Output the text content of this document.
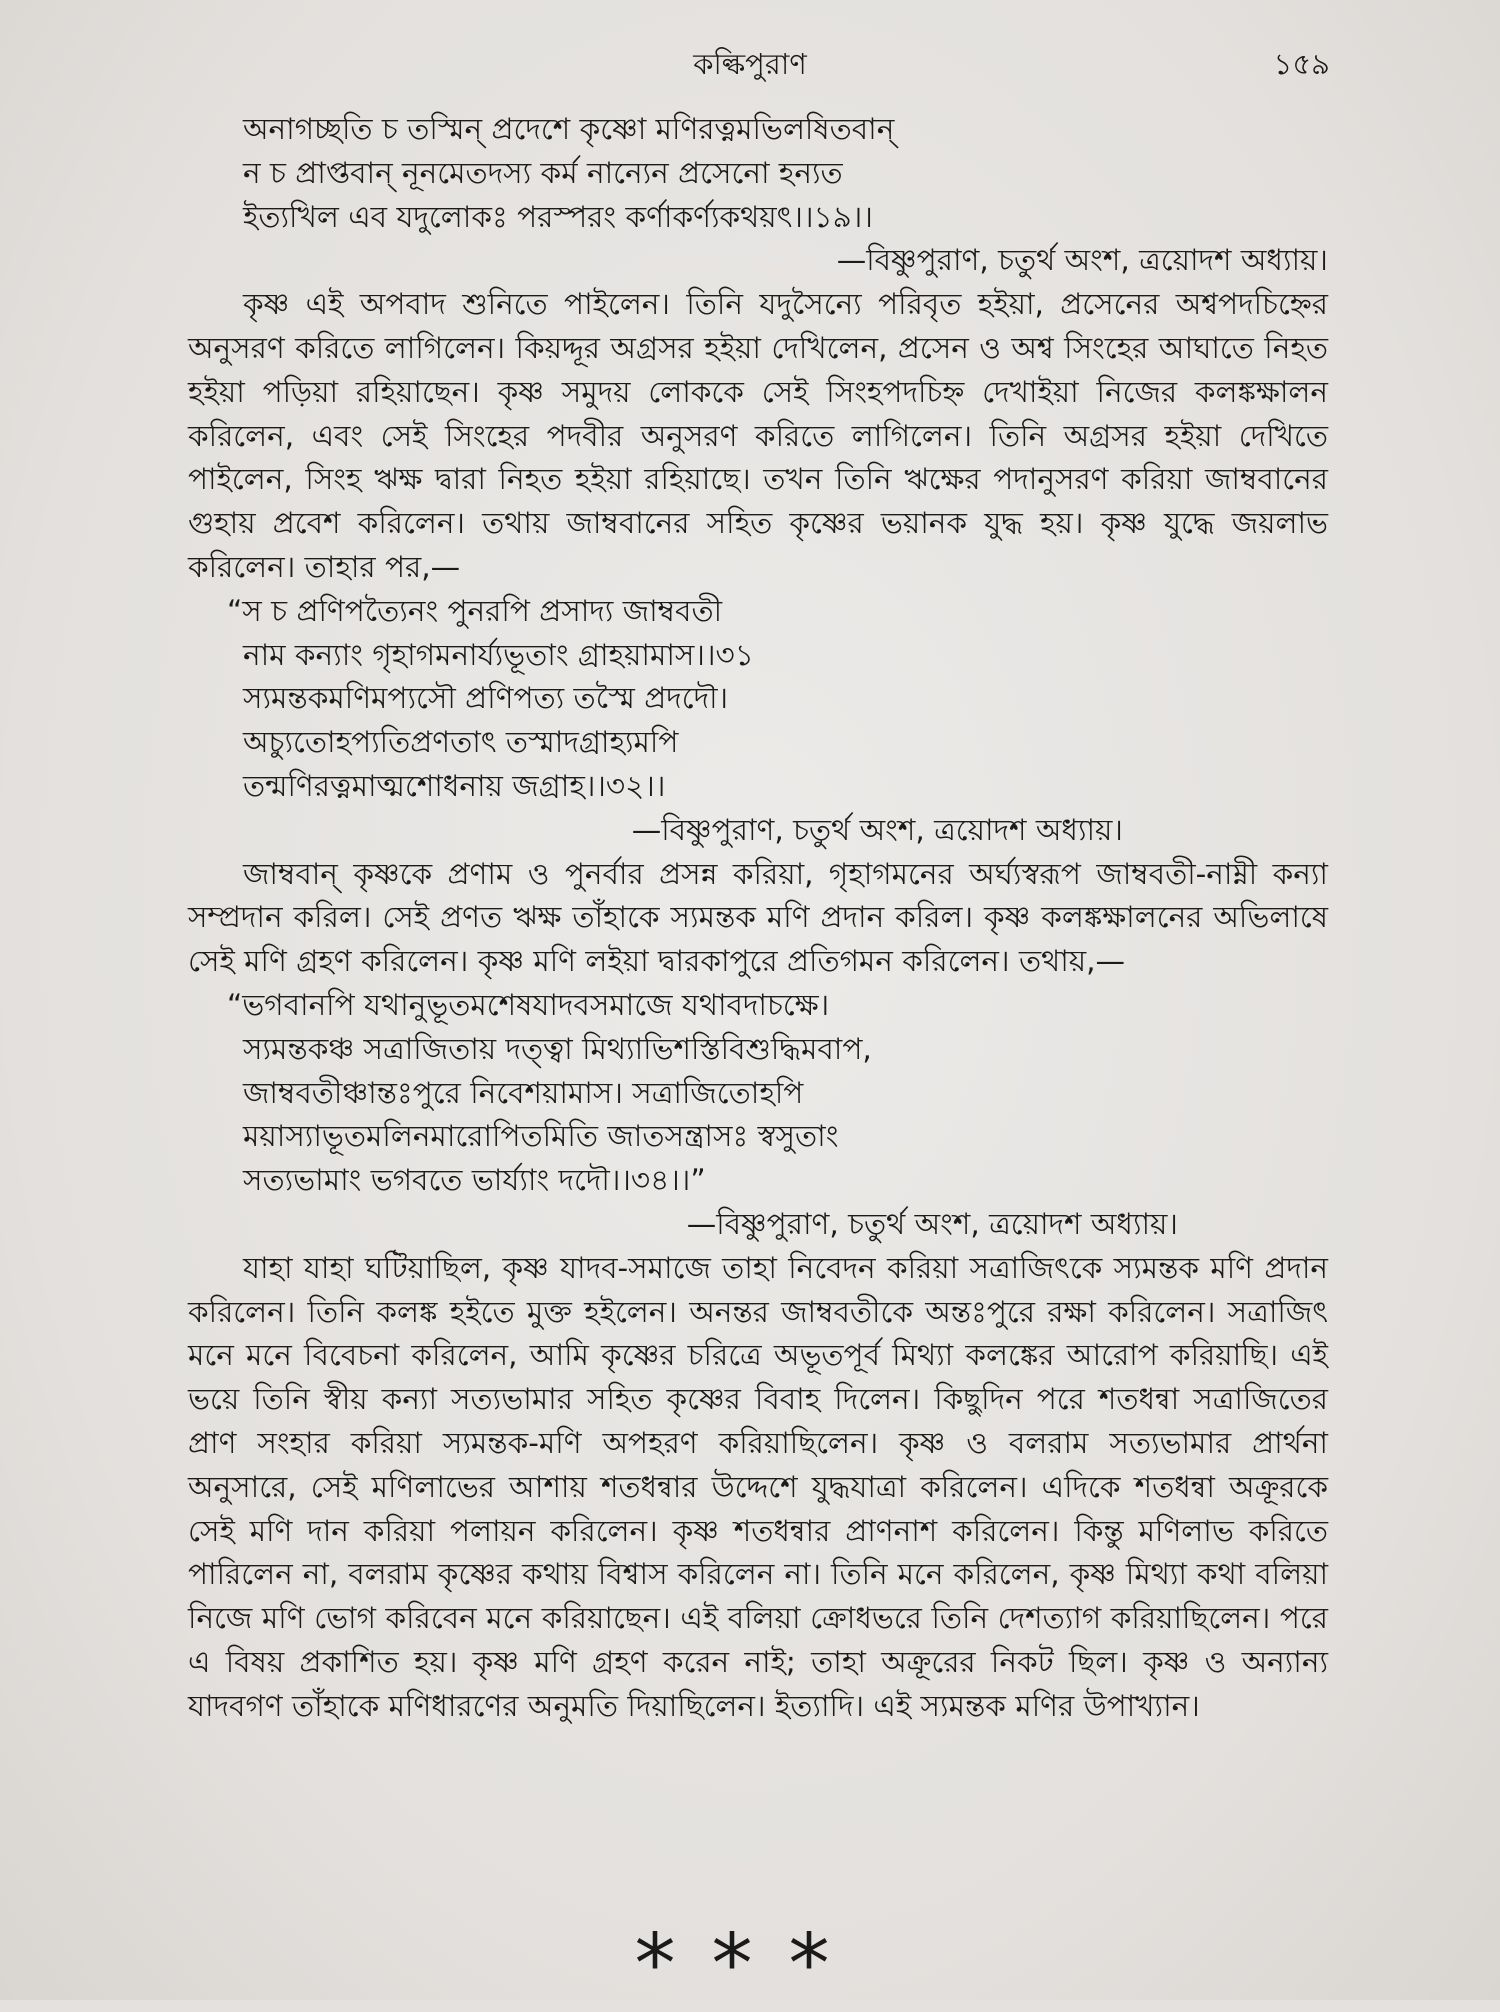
কল্কিপুরাণ	১৫৯
অনাগচ্ছতি চ তস্মিন্ প্রদেশে কৃষ্ণো মণিরত্নমভিলষিতবান্
ন চ প্রাপ্তবান্ নূনমেতদস্য কর্ম নান্যেন প্রসেনো হন্যত
ইত্যখিল এব যদুলোকঃ পরস্পরং কর্ণাকর্ণ্যকথয়ৎ।।১৯।।
—বিষ্ণুপুরাণ, চতুর্থ অংশ, ত্রয়োদশ অধ্যায়।

কৃষ্ণ এই অপবাদ শুনিতে পাইলেন। তিনি যদুসৈন্যে পরিবৃত হইয়া, প্রসেনের অশ্বপদচিহ্নের অনুসরণ করিতে লাগিলেন। কিয়দ্দূর অগ্রসর হইয়া দেখিলেন, প্রসেন ও অশ্ব সিংহের আঘাতে নিহত হইয়া পড়িয়া রহিয়াছেন। কৃষ্ণ সমুদয় লোককে সেই সিংহপদচিহ্ন দেখাইয়া নিজের কলঙ্কক্ষালন করিলেন, এবং সেই সিংহের পদবীর অনুসরণ করিতে লাগিলেন। তিনি অগ্রসর হইয়া দেখিতে পাইলেন, সিংহ ঋক্ষ দ্বারা নিহত হইয়া রহিয়াছে। তখন তিনি ঋক্ষের পদানুসরণ করিয়া জাম্ববানের গুহায় প্রবেশ করিলেন। তথায় জাম্ববানের সহিত কৃষ্ণের ভয়ানক যুদ্ধ হয়। কৃষ্ণ যুদ্ধে জয়লাভ করিলেন। তাহার পর,—

“স চ প্রণিপত্যৈনং পুনরপি প্রসাদ্য জাম্ববতী
নাম কন্যাং গৃহাগমনার্য্যভূতাং গ্রাহয়ামাস।।৩১
স্যমন্তকমণিমপ্যসৌ প্রণিপত্য তস্মৈ প্রদদৌ।
অচ্যুতোহপ্যতিপ্রণতাৎ তস্মাদগ্রাহ্যমপি
তন্মণিরত্নমাত্মশোধনায় জগ্রাহ।।৩২।।
—বিষ্ণুপুরাণ, চতুর্থ অংশ, ত্রয়োদশ অধ্যায়।

জাম্ববান্ কৃষ্ণকে প্রণাম ও পুনর্বার প্রসন্ন করিয়া, গৃহাগমনের অর্ঘ্যস্বরূপ জাম্ববতী-নাম্নী কন্যা সম্প্রদান করিল। সেই প্রণত ঋক্ষ তাঁহাকে স্যমন্তক মণি প্রদান করিল। কৃষ্ণ কলঙ্কক্ষালনের অভিলাষে সেই মণি গ্রহণ করিলেন। কৃষ্ণ মণি লইয়া দ্বারকাপুরে প্রতিগমন করিলেন। তথায়,—

“ভগবানপি যথানুভূতমশেষযাদবসমাজে যথাবদাচক্ষে।
স্যমন্তকঞ্চ সত্রাজিতায় দত্ত্বা মিথ্যাভিশস্তিবিশুদ্ধিমবাপ,
জাম্ববতীঞ্চান্তঃপুরে নিবেশয়ামাস। সত্রাজিতোহপি
ময়াস্যাভূতমলিনমারোপিতমিতি জাতসন্ত্রাসঃ স্বসুতাং
সত্যভামাং ভগবতে ভার্য্যাং দদৌ।।৩৪।।”
—বিষ্ণুপুরাণ, চতুর্থ অংশ, ত্রয়োদশ অধ্যায়।

যাহা যাহা ঘটিয়াছিল, কৃষ্ণ যাদব-সমাজে তাহা নিবেদন করিয়া সত্রাজিৎকে স্যমন্তক মণি প্রদান করিলেন। তিনি কলঙ্ক হইতে মুক্ত হইলেন। অনন্তর জাম্ববতীকে অন্তঃপুরে রক্ষা করিলেন। সত্রাজিৎ মনে মনে বিবেচনা করিলেন, আমি কৃষ্ণের চরিত্রে অভূতপূর্ব মিথ্যা কলঙ্কের আরোপ করিয়াছি। এই ভয়ে তিনি স্বীয় কন্যা সত্যভামার সহিত কৃষ্ণের বিবাহ দিলেন। কিছুদিন পরে শতধন্বা সত্রাজিতের প্রাণ সংহার করিয়া স্যমন্তক-মণি অপহরণ করিয়াছিলেন। কৃষ্ণ ও বলরাম সত্যভামার প্রার্থনা অনুসারে, সেই মণিলাভের আশায় শতধন্বার উদ্দেশে যুদ্ধযাত্রা করিলেন। এদিকে শতধন্বা অক্রূরকে সেই মণি দান করিয়া পলায়ন করিলেন। কৃষ্ণ শতধন্বার প্রাণনাশ করিলেন। কিন্তু মণিলাভ করিতে পারিলেন না, বলরাম কৃষ্ণের কথায় বিশ্বাস করিলেন না। তিনি মনে করিলেন, কৃষ্ণ মিথ্যা কথা বলিয়া নিজে মণি ভোগ করিবেন মনে করিয়াছেন। এই বলিয়া ক্রোধভরে তিনি দেশত্যাগ করিয়াছিলেন। পরে এ বিষয় প্রকাশিত হয়। কৃষ্ণ মণি গ্রহণ করেন নাই; তাহা অক্রূরের নিকট ছিল। কৃষ্ণ ও অন্যান্য যাদবগণ তাঁহাকে মণিধারণের অনুমতি দিয়াছিলেন। ইত্যাদি। এই স্যমন্তক মণির উপাখ্যান।

***
